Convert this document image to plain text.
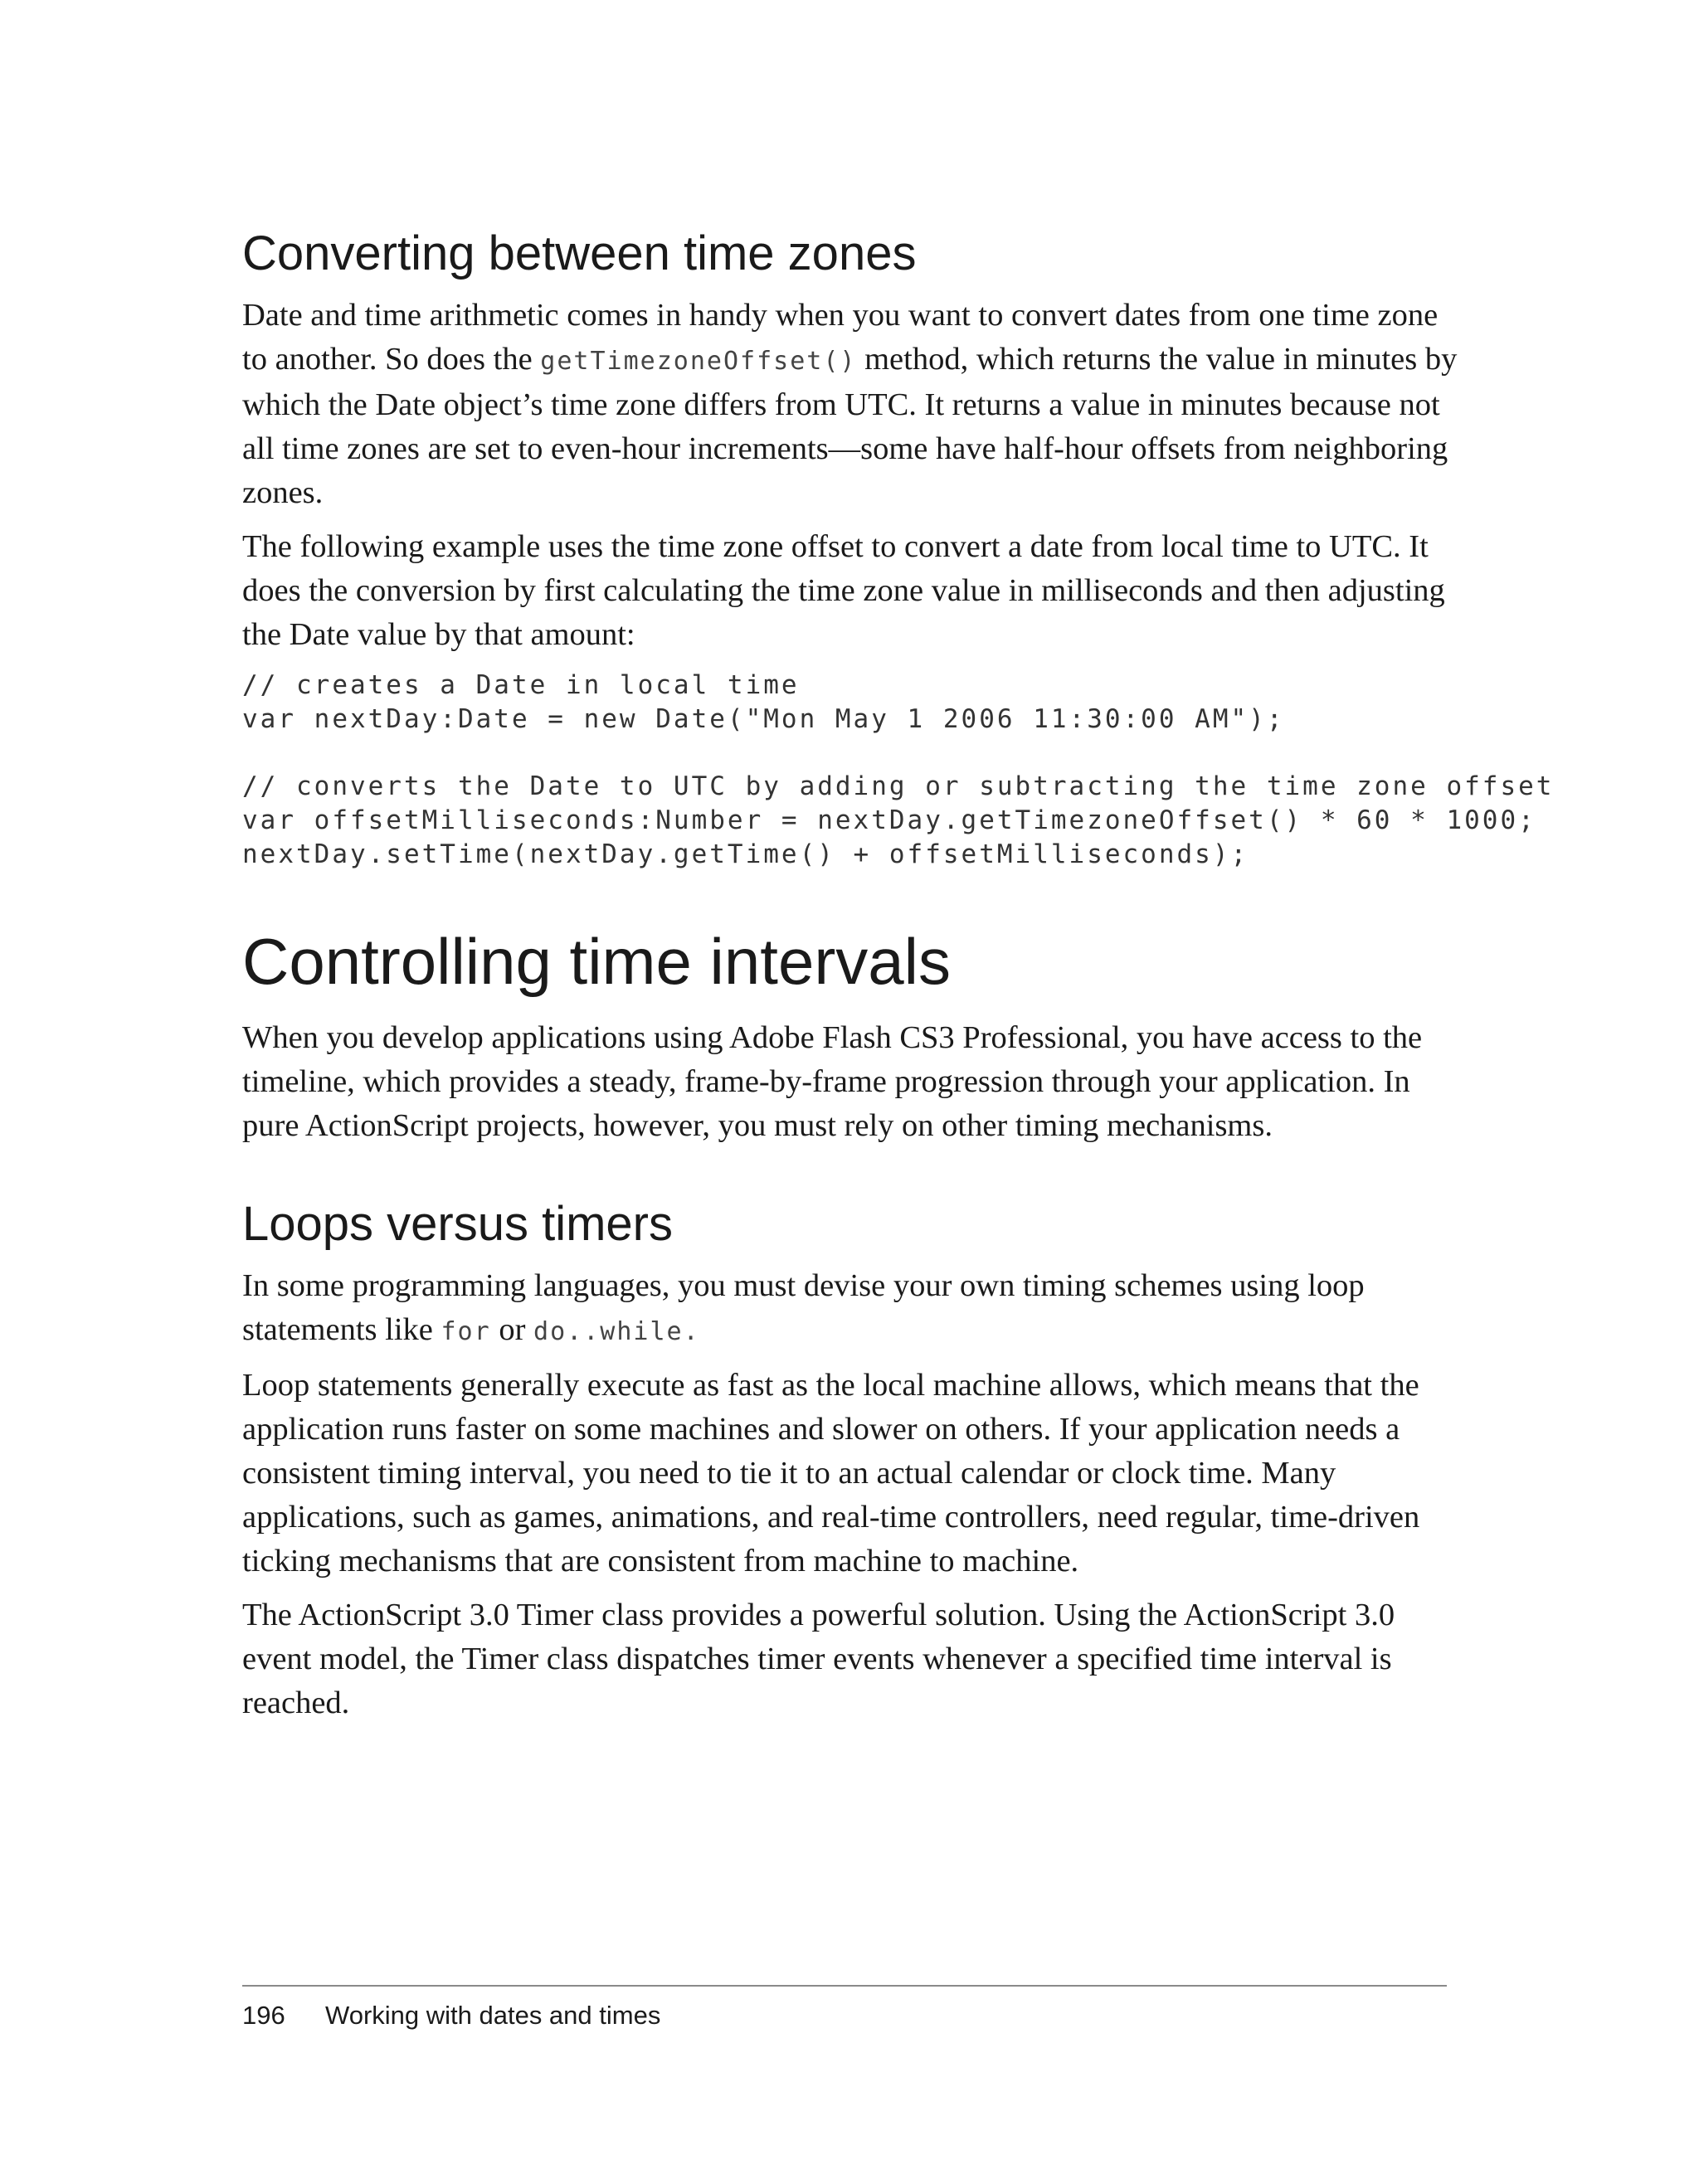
Converting between time zones

Date and time arithmetic comes in handy when you want to convert dates from one time zone to another. So does the getTimezoneOffset() method, which returns the value in minutes by which the Date object’s time zone differs from UTC. It returns a value in minutes because not all time zones are set to even-hour increments—some have half-hour offsets from neighboring zones.

The following example uses the time zone offset to convert a date from local time to UTC. It does the conversion by first calculating the time zone value in milliseconds and then adjusting the Date value by that amount:

// creates a Date in local time
var nextDay:Date = new Date("Mon May 1 2006 11:30:00 AM");
// converts the Date to UTC by adding or subtracting the time zone offset
var offsetMilliseconds:Number = nextDay.getTimezoneOffset() * 60 * 1000;
nextDay.setTime(nextDay.getTime() + offsetMilliseconds);
Controlling time intervals

When you develop applications using Adobe Flash CS3 Professional, you have access to the timeline, which provides a steady, frame-by-frame progression through your application. In pure ActionScript projects, however, you must rely on other timing mechanisms.

Loops versus timers

In some programming languages, you must devise your own timing schemes using loop statements like for or do..while.

Loop statements generally execute as fast as the local machine allows, which means that the application runs faster on some machines and slower on others. If your application needs a consistent timing interval, you need to tie it to an actual calendar or clock time. Many applications, such as games, animations, and real-time controllers, need regular, time-driven ticking mechanisms that are consistent from machine to machine.

The ActionScript 3.0 Timer class provides a powerful solution. Using the ActionScript 3.0 event model, the Timer class dispatches timer events whenever a specified time interval is reached.

196 Working with dates and times
